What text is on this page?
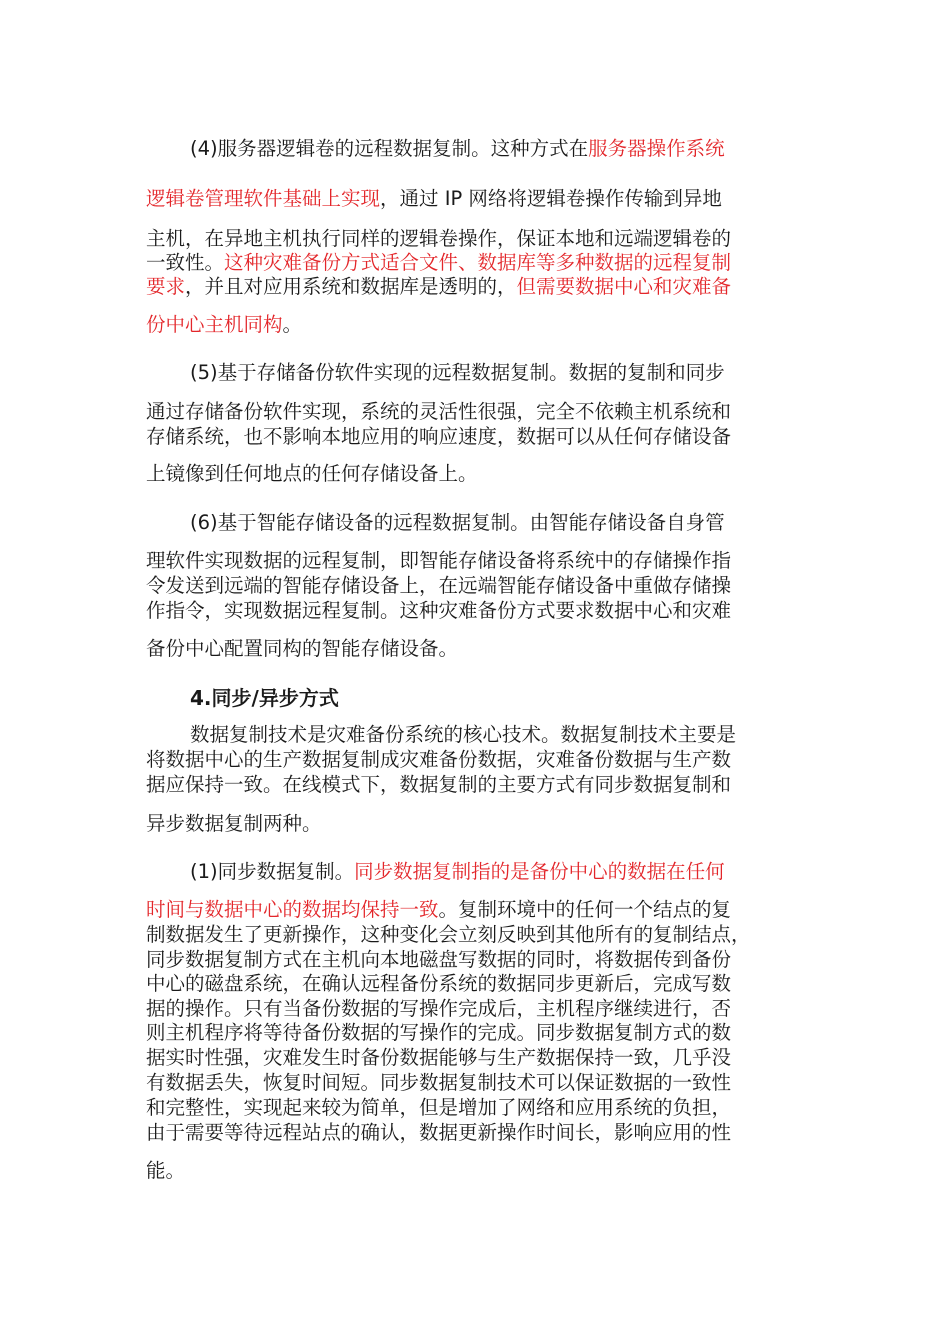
(4)服务器逻辑卷的远程数据复制。这种方式在服务器操作系统
逻辑卷管理软件基础上实现，通过 IP 网络将逻辑卷操作传输到异地
主机，在异地主机执行同样的逻辑卷操作，保证本地和远端逻辑卷的
一致性。这种灾难备份方式适合文件、数据库等多种数据的远程复制
要求，并且对应用系统和数据库是透明的，但需要数据中心和灾难备
份中心主机同构。
(5)基于存储备份软件实现的远程数据复制。数据的复制和同步
通过存储备份软件实现，系统的灵活性很强，完全不依赖主机系统和
存储系统，也不影响本地应用的响应速度，数据可以从任何存储设备
上镜像到任何地点的任何存储设备上。
(6)基于智能存储设备的远程数据复制。由智能存储设备自身管
理软件实现数据的远程复制，即智能存储设备将系统中的存储操作指
令发送到远端的智能存储设备上，在远端智能存储设备中重做存储操
作指令，实现数据远程复制。这种灾难备份方式要求数据中心和灾难
备份中心配置同构的智能存储设备。
4.同步/异步方式
数据复制技术是灾难备份系统的核心技术。数据复制技术主要是
将数据中心的生产数据复制成灾难备份数据，灾难备份数据与生产数
据应保持一致。在线模式下，数据复制的主要方式有同步数据复制和
异步数据复制两种。
(1)同步数据复制。同步数据复制指的是备份中心的数据在任何
时间与数据中心的数据均保持一致。复制环境中的任何一个结点的复
制数据发生了更新操作，这种变化会立刻反映到其他所有的复制结点，
同步数据复制方式在主机向本地磁盘写数据的同时，将数据传到备份
中心的磁盘系统，在确认远程备份系统的数据同步更新后，完成写数
据的操作。只有当备份数据的写操作完成后，主机程序继续进行，否
则主机程序将等待备份数据的写操作的完成。同步数据复制方式的数
据实时性强，灾难发生时备份数据能够与生产数据保持一致，几乎没
有数据丢失，恢复时间短。同步数据复制技术可以保证数据的一致性
和完整性，实现起来较为简单，但是增加了网络和应用系统的负担，
由于需要等待远程站点的确认，数据更新操作时间长，影响应用的性
能。
